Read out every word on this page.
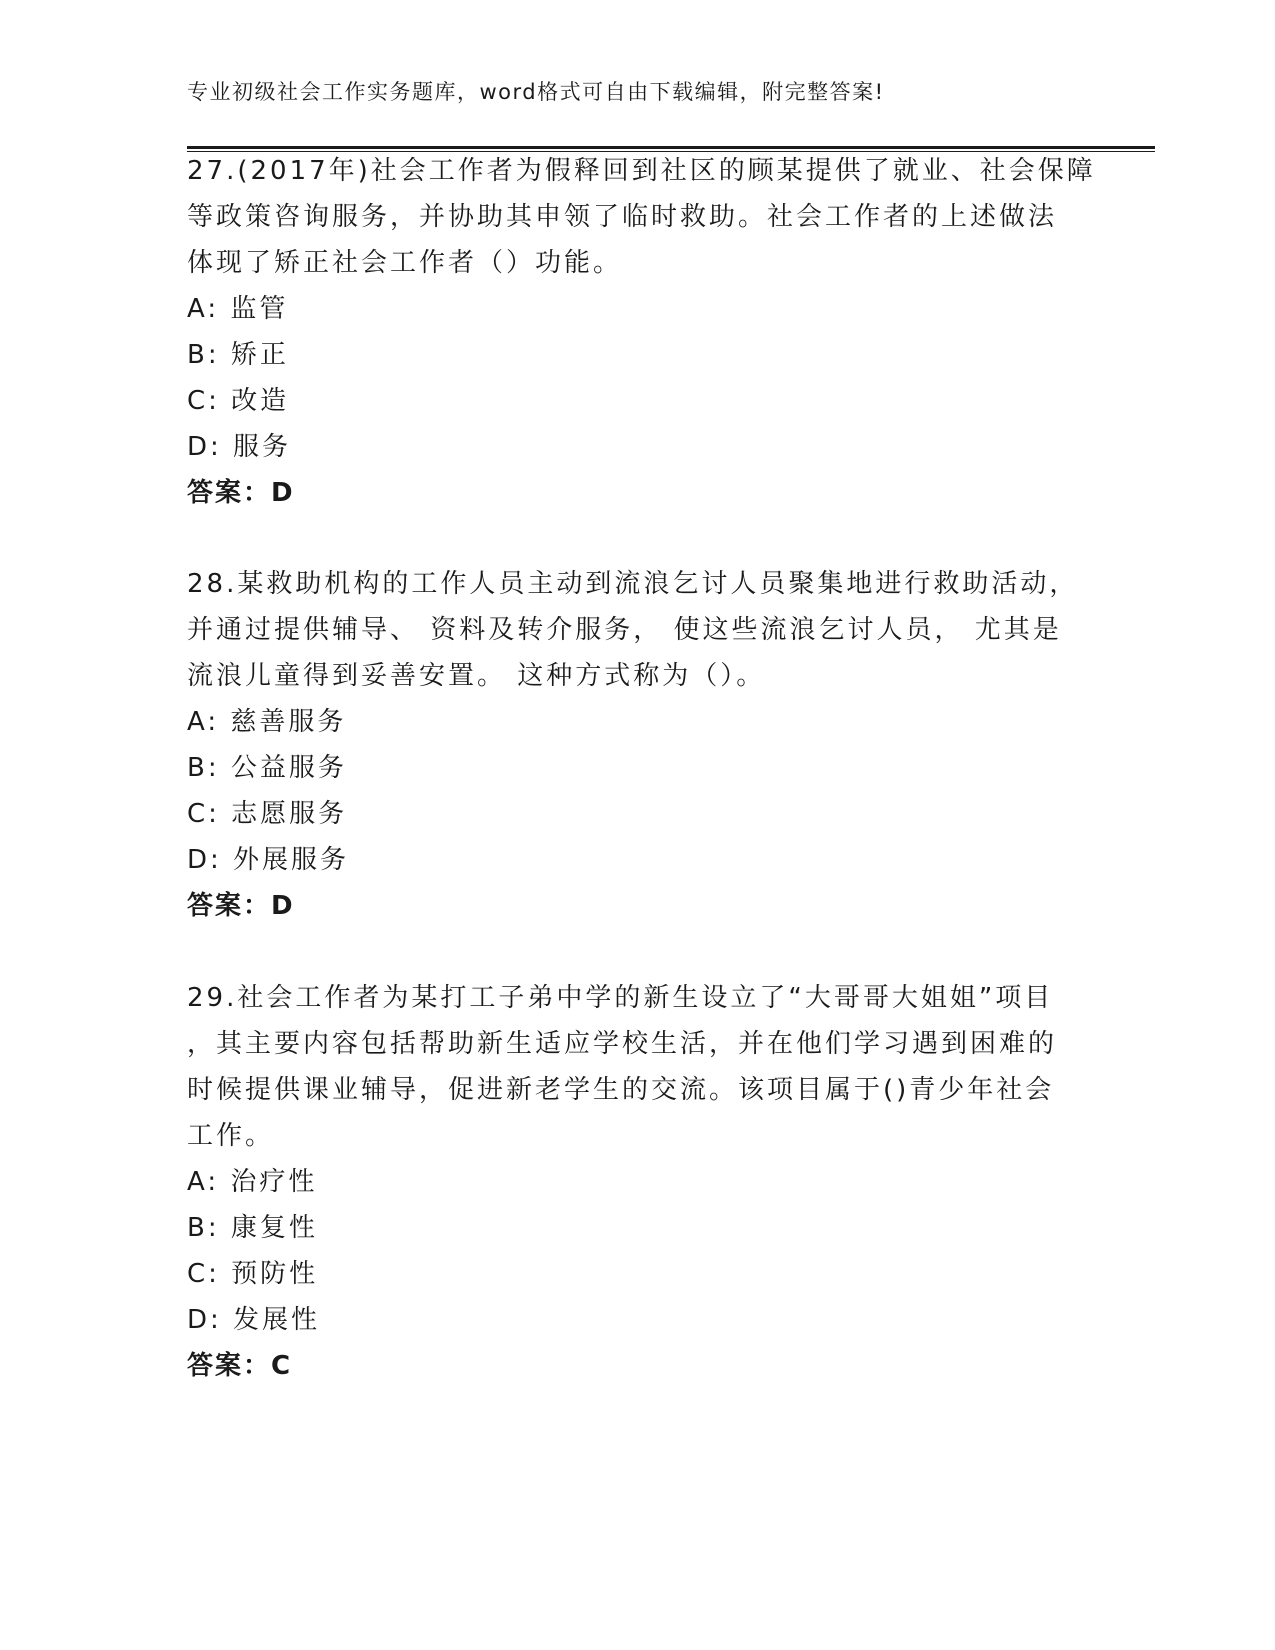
专业初级社会工作实务题库，word格式可自由下载编辑，附完整答案!
27.(2017年)社会工作者为假释回到社区的顾某提供了就业、社会保障
等政策咨询服务，并协助其申领了临时救助。社会工作者的上述做法
体现了矫正社会工作者（）功能。
A: 监管
B: 矫正
C: 改造
D: 服务
答案：D
28.某救助机构的工作人员主动到流浪乞讨人员聚集地进行救助活动，
并通过提供辅导、 资料及转介服务， 使这些流浪乞讨人员， 尤其是
流浪儿童得到妥善安置。 这种方式称为（）。
A: 慈善服务
B: 公益服务
C: 志愿服务
D: 外展服务
答案：D
29.社会工作者为某打工子弟中学的新生设立了“大哥哥大姐姐”项目
，其主要内容包括帮助新生适应学校生活，并在他们学习遇到困难的
时候提供课业辅导，促进新老学生的交流。该项目属于()青少年社会
工作。
A: 治疗性
B: 康复性
C: 预防性
D: 发展性
答案：C
